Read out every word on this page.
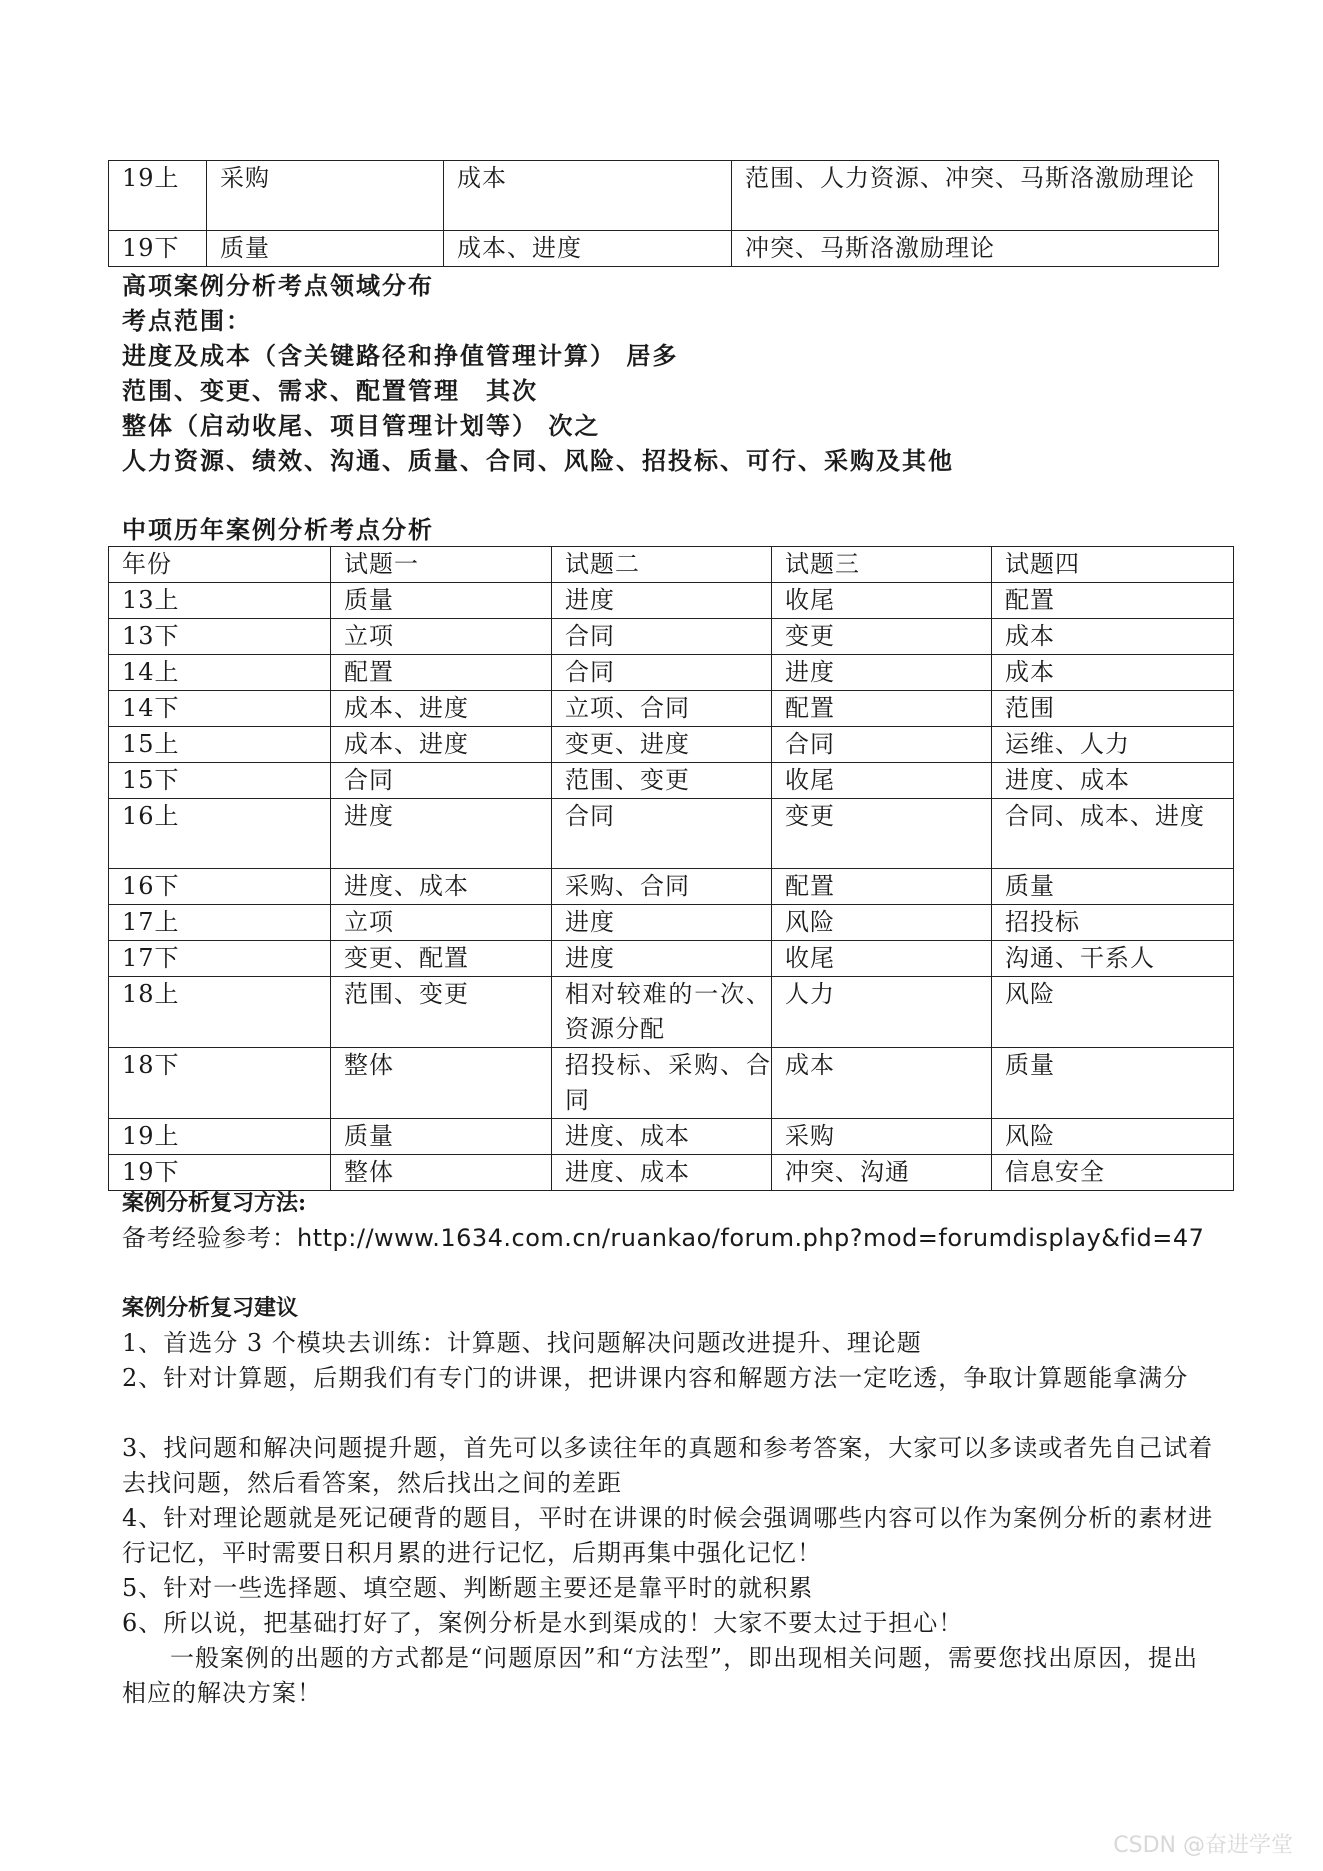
19上	采购	成本	范围、人力资源、冲突、马斯洛激励理论
19下	质量	成本、进度	冲突、马斯洛激励理论
高项案例分析考点领域分布
考点范围：
进度及成本（含关键路径和挣值管理计算） 居多
范围、变更、需求、配置管理　其次
整体（启动收尾、项目管理计划等） 次之
人力资源、绩效、沟通、质量、合同、风险、招投标、可行、采购及其他
中项历年案例分析考点分析
年份	试题一	试题二	试题三	试题四
13上	质量	进度	收尾	配置
13下	立项	合同	变更	成本
14上	配置	合同	进度	成本
14下	成本、进度	立项、合同	配置	范围
15上	成本、进度	变更、进度	合同	运维、人力
15下	合同	范围、变更	收尾	进度、成本
16上	进度	合同	变更	合同、成本、进度
16下	进度、成本	采购、合同	配置	质量
17上	立项	进度	风险	招投标
17下	变更、配置	进度	收尾	沟通、干系人
18上	范围、变更	相对较难的一次、资源分配	人力	风险
18下	整体	招投标、采购、合同	成本	质量
19上	质量	进度、成本	采购	风险
19下	整体	进度、成本	冲突、沟通	信息安全
案例分析复习方法:
备考经验参考：http://www.1634.com.cn/ruankao/forum.php?mod=forumdisplay&fid=47
案例分析复习建议
1、首选分 3 个模块去训练：计算题、找问题解决问题改进提升、理论题
2、针对计算题，后期我们有专门的讲课，把讲课内容和解题方法一定吃透，争取计算题能拿满分
3、找问题和解决问题提升题，首先可以多读往年的真题和参考答案，大家可以多读或者先自己试着去找问题，然后看答案，然后找出之间的差距
4、针对理论题就是死记硬背的题目，平时在讲课的时候会强调哪些内容可以作为案例分析的素材进行记忆，平时需要日积月累的进行记忆，后期再集中强化记忆！
5、针对一些选择题、填空题、判断题主要还是靠平时的就积累
6、所以说，把基础打好了，案例分析是水到渠成的！大家不要太过于担心！
一般案例的出题的方式都是“问题原因”和“方法型”，即出现相关问题，需要您找出原因，提出相应的解决方案！
CSDN @奋进学堂
